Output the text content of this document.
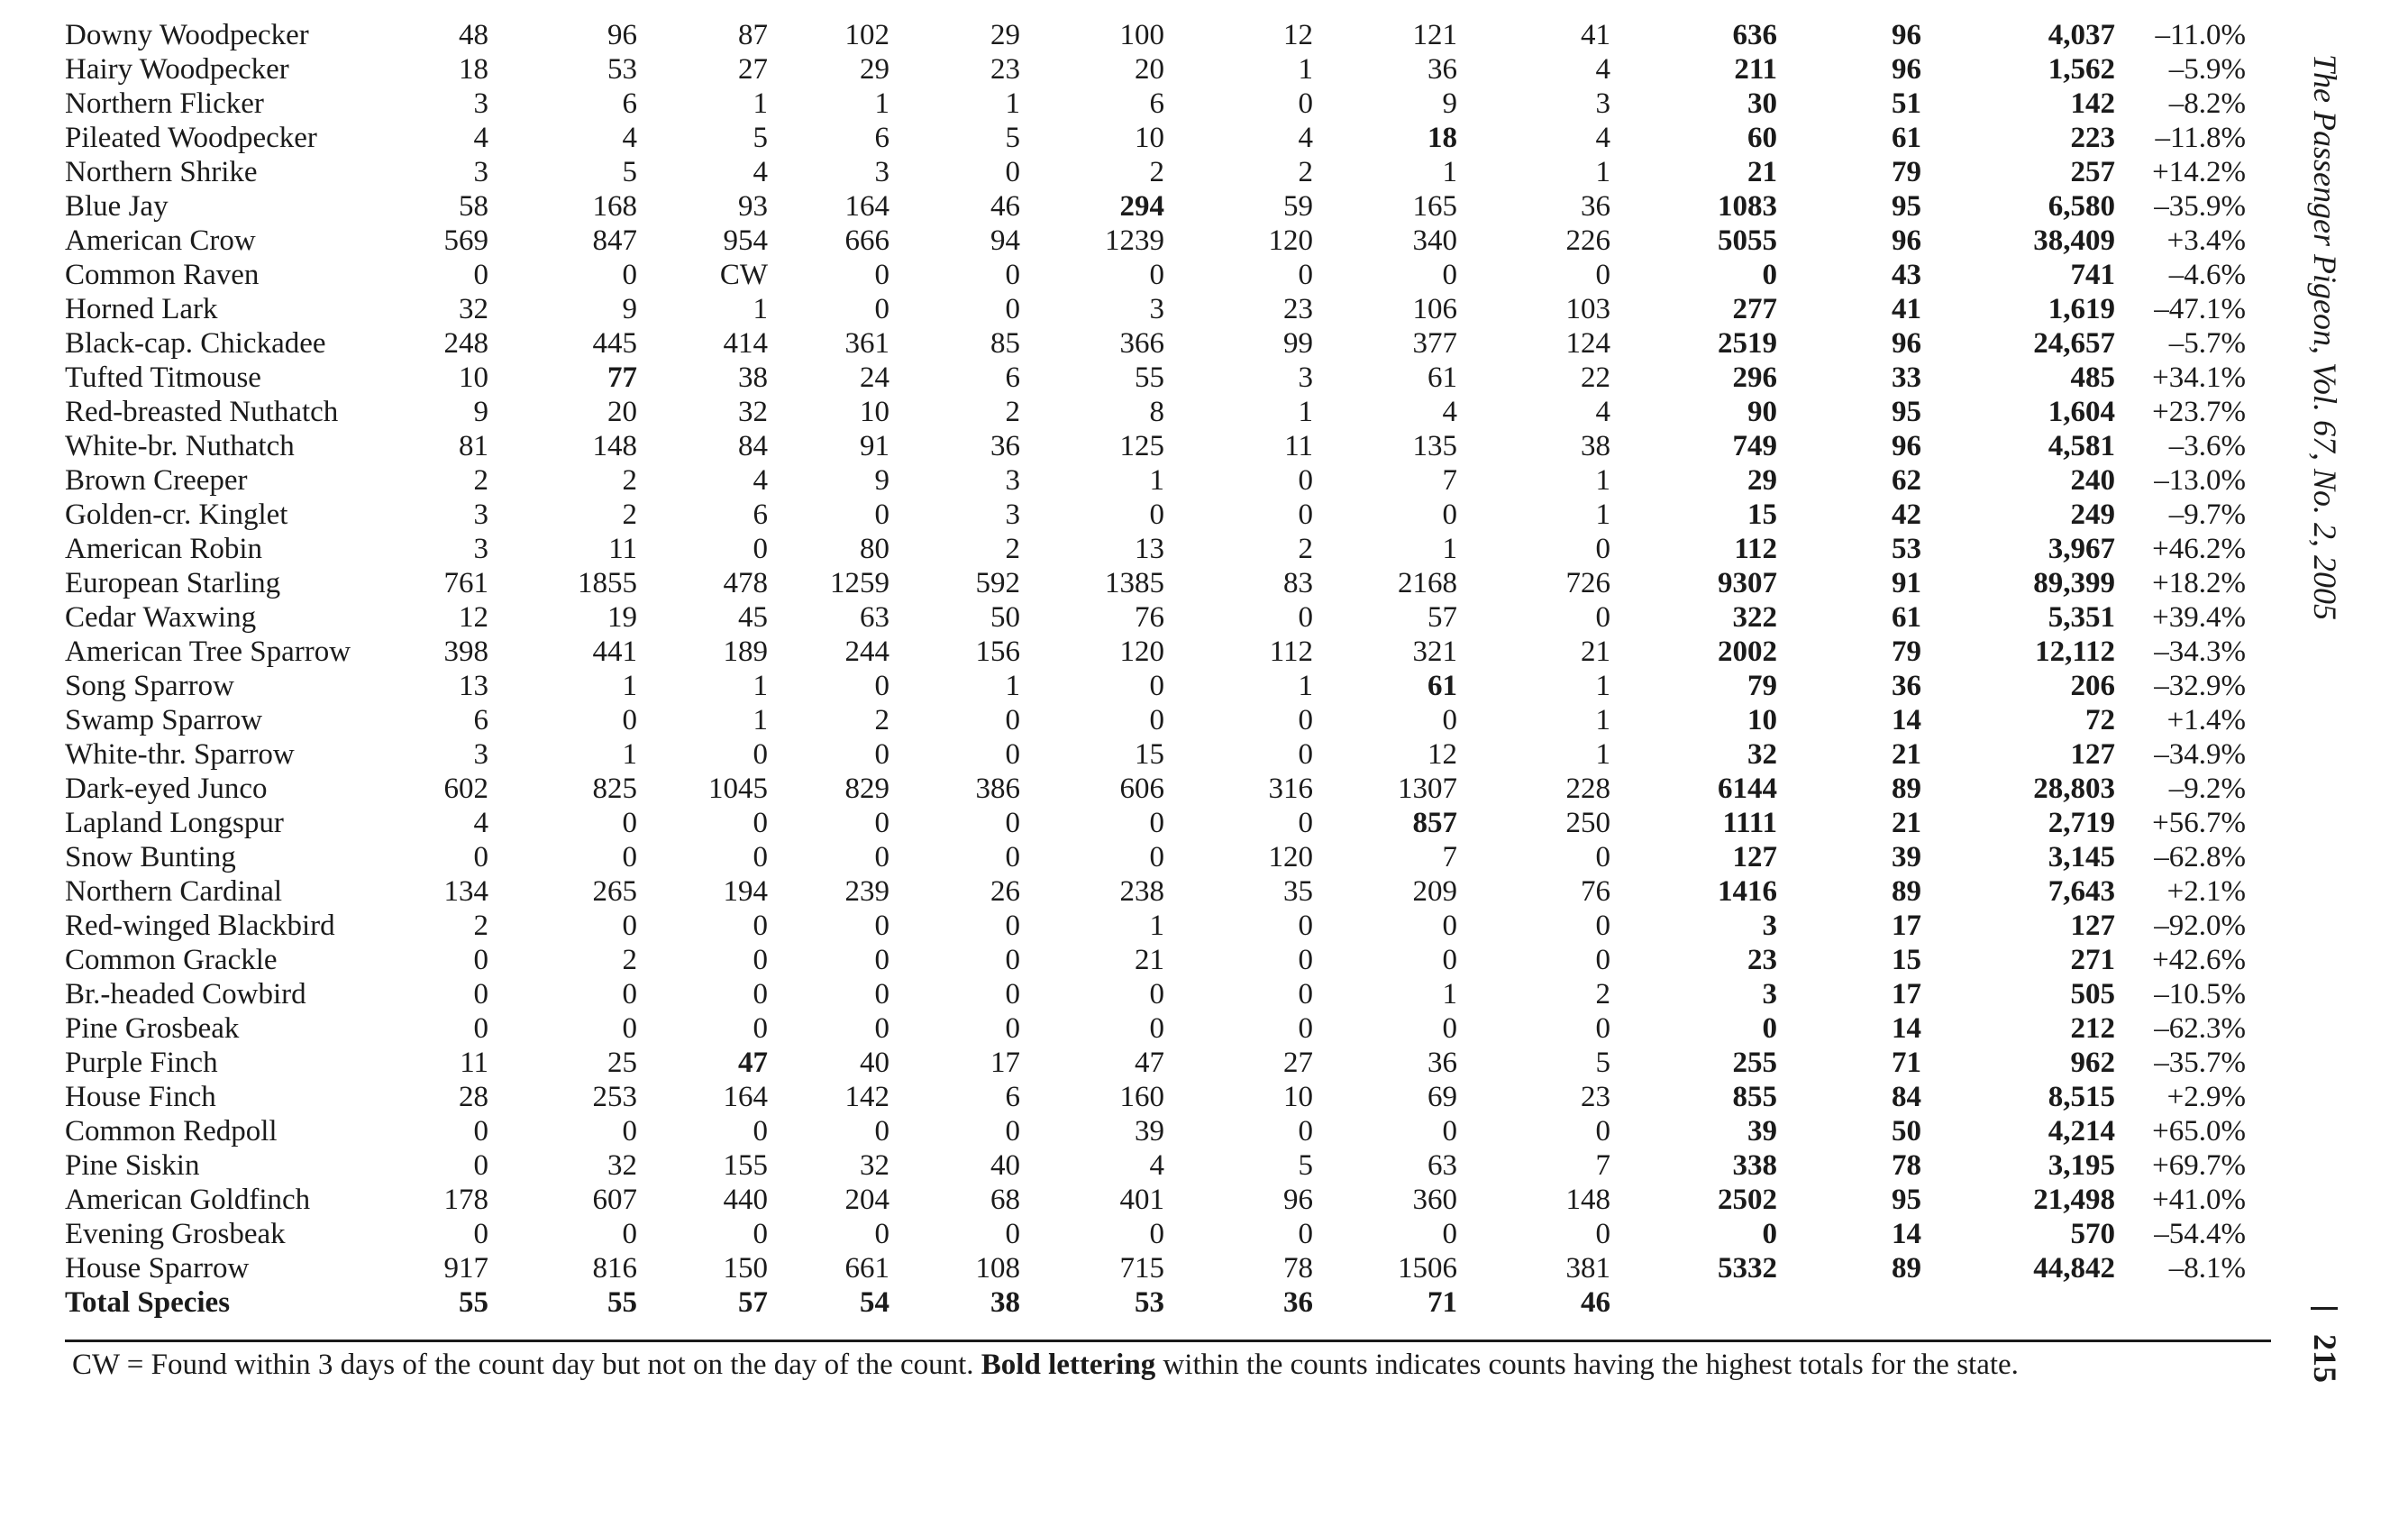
Downy Woodpecker	48	96	87	102	29	100	12	121	41	636	96	4,037	–11.0%
Hairy Woodpecker	18	53	27	29	23	20	1	36	4	211	96	1,562	–5.9%
Northern Flicker	3	6	1	1	1	6	0	9	3	30	51	142	–8.2%
Pileated Woodpecker	4	4	5	6	5	10	4	18	4	60	61	223	–11.8%
Northern Shrike	3	5	4	3	0	2	2	1	1	21	79	257	+14.2%
Blue Jay	58	168	93	164	46	294	59	165	36	1083	95	6,580	–35.9%
American Crow	569	847	954	666	94	1239	120	340	226	5055	96	38,409	+3.4%
Common Raven	0	0	CW	0	0	0	0	0	0	0	43	741	–4.6%
Horned Lark	32	9	1	0	0	3	23	106	103	277	41	1,619	–47.1%
Black-cap. Chickadee	248	445	414	361	85	366	99	377	124	2519	96	24,657	–5.7%
Tufted Titmouse	10	77	38	24	6	55	3	61	22	296	33	485	+34.1%
Red-breasted Nuthatch	9	20	32	10	2	8	1	4	4	90	95	1,604	+23.7%
White-br. Nuthatch	81	148	84	91	36	125	11	135	38	749	96	4,581	–3.6%
Brown Creeper	2	2	4	9	3	1	0	7	1	29	62	240	–13.0%
Golden-cr. Kinglet	3	2	6	0	3	0	0	0	1	15	42	249	–9.7%
American Robin	3	11	0	80	2	13	2	1	0	112	53	3,967	+46.2%
European Starling	761	1855	478	1259	592	1385	83	2168	726	9307	91	89,399	+18.2%
Cedar Waxwing	12	19	45	63	50	76	0	57	0	322	61	5,351	+39.4%
American Tree Sparrow	398	441	189	244	156	120	112	321	21	2002	79	12,112	–34.3%
Song Sparrow	13	1	1	0	1	0	1	61	1	79	36	206	–32.9%
Swamp Sparrow	6	0	1	2	0	0	0	0	1	10	14	72	+1.4%
White-thr. Sparrow	3	1	0	0	0	15	0	12	1	32	21	127	–34.9%
Dark-eyed Junco	602	825	1045	829	386	606	316	1307	228	6144	89	28,803	–9.2%
Lapland Longspur	4	0	0	0	0	0	0	857	250	1111	21	2,719	+56.7%
Snow Bunting	0	0	0	0	0	0	120	7	0	127	39	3,145	–62.8%
Northern Cardinal	134	265	194	239	26	238	35	209	76	1416	89	7,643	+2.1%
Red-winged Blackbird	2	0	0	0	0	1	0	0	0	3	17	127	–92.0%
Common Grackle	0	2	0	0	0	21	0	0	0	23	15	271	+42.6%
Br.-headed Cowbird	0	0	0	0	0	0	0	1	2	3	17	505	–10.5%
Pine Grosbeak	0	0	0	0	0	0	0	0	0	0	14	212	–62.3%
Purple Finch	11	25	47	40	17	47	27	36	5	255	71	962	–35.7%
House Finch	28	253	164	142	6	160	10	69	23	855	84	8,515	+2.9%
Common Redpoll	0	0	0	0	0	39	0	0	0	39	50	4,214	+65.0%
Pine Siskin	0	32	155	32	40	4	5	63	7	338	78	3,195	+69.7%
American Goldfinch	178	607	440	204	68	401	96	360	148	2502	95	21,498	+41.0%
Evening Grosbeak	0	0	0	0	0	0	0	0	0	0	14	570	–54.4%
House Sparrow	917	816	150	661	108	715	78	1506	381	5332	89	44,842	–8.1%
Total Species	55	55	57	54	38	53	36	71	46				
CW = Found within 3 days of the count day but not on the day of the count. Bold lettering within the counts indicates counts having the highest totals for the state.
The Passenger Pigeon, Vol. 67, No. 2, 2005
215
